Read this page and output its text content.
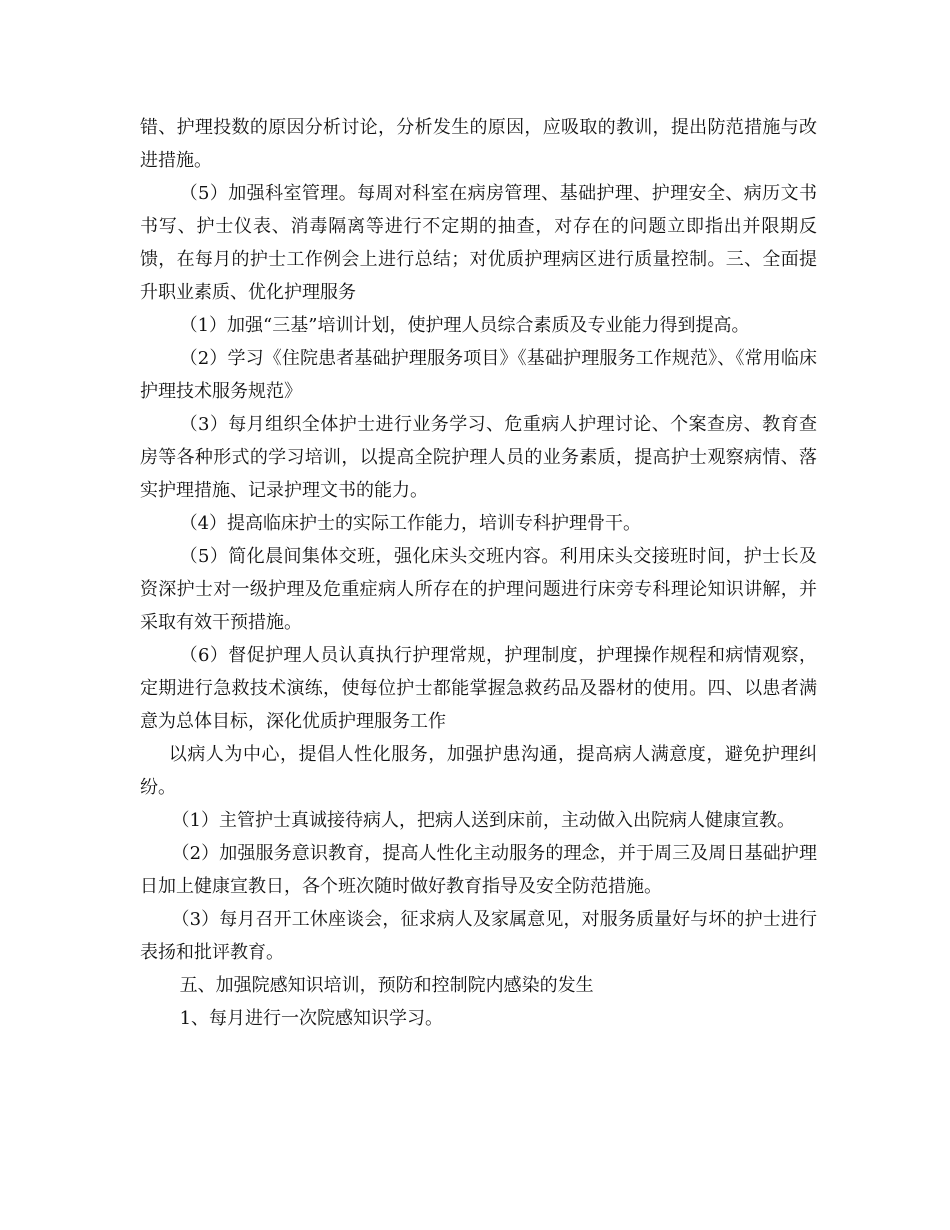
错、护理投数的原因分析讨论，分析发生的原因，应吸取的教训，提出防范措施与改进措施。

（5）加强科室管理。每周对科室在病房管理、基础护理、护理安全、病历文书书写、护士仪表、消毒隔离等进行不定期的抽查，对存在的问题立即指出并限期反馈，在每月的护士工作例会上进行总结；对优质护理病区进行质量控制。三、全面提升职业素质、优化护理服务

（1）加强“三基”培训计划，使护理人员综合素质及专业能力得到提高。

（2）学习《住院患者基础护理服务项目》《基础护理服务工作规范》、《常用临床护理技术服务规范》

（3）每月组织全体护士进行业务学习、危重病人护理讨论、个案查房、教育查房等各种形式的学习培训，以提高全院护理人员的业务素质，提高护士观察病情、落实护理措施、记录护理文书的能力。

（4）提高临床护士的实际工作能力，培训专科护理骨干。

（5）简化晨间集体交班，强化床头交班内容。利用床头交接班时间，护士长及资深护士对一级护理及危重症病人所存在的护理问题进行床旁专科理论知识讲解，并采取有效干预措施。

（6）督促护理人员认真执行护理常规，护理制度，护理操作规程和病情观察，定期进行急救技术演练，使每位护士都能掌握急救药品及器材的使用。四、以患者满意为总体目标，深化优质护理服务工作

以病人为中心，提倡人性化服务，加强护患沟通，提高病人满意度，避免护理纠纷。

（1）主管护士真诚接待病人，把病人送到床前，主动做入出院病人健康宣教。

（2）加强服务意识教育，提高人性化主动服务的理念，并于周三及周日基础护理日加上健康宣教日，各个班次随时做好教育指导及安全防范措施。

（3）每月召开工休座谈会，征求病人及家属意见，对服务质量好与坏的护士进行表扬和批评教育。

五、加强院感知识培训，预防和控制院内感染的发生

1、每月进行一次院感知识学习。
